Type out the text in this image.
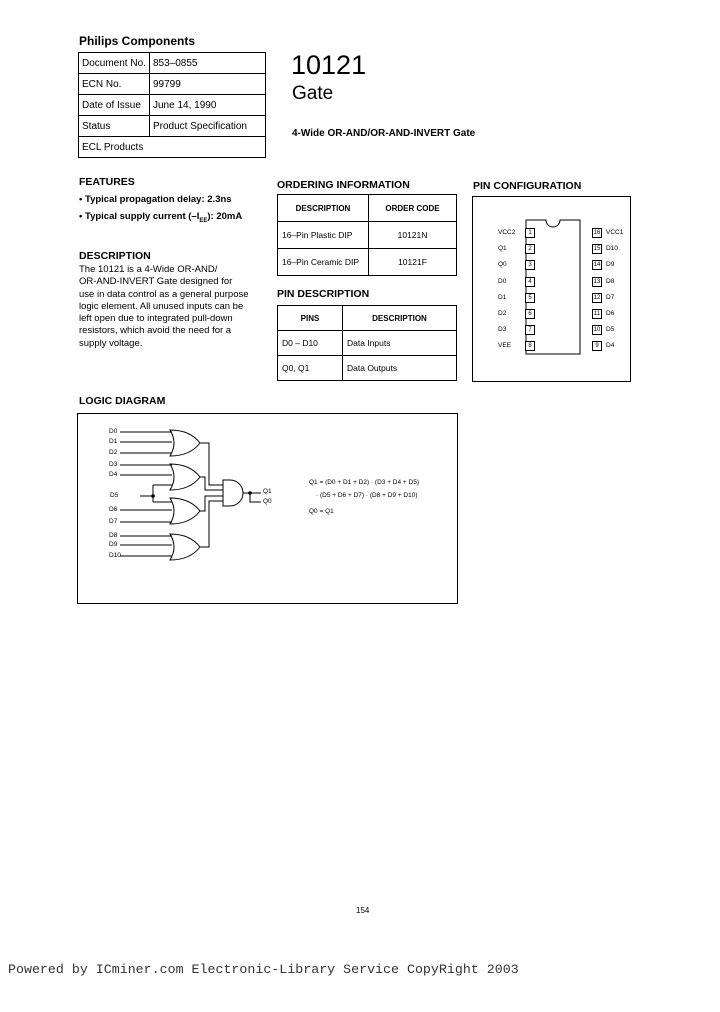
Philips Components
Document No.	853–0855
ECN No.	99799
Date of Issue	June 14, 1990
Status	Product Specification
ECL Products	
10121
Gate
4-Wide OR-AND/OR-AND-INVERT Gate
FEATURES
• Typical propagation delay: 2.3ns
• Typical supply current $(-I_{EE})$: 20mA
DESCRIPTION
The 10121 is a 4-Wide OR-AND/
OR-AND-INVERT Gate designed for
use in data control as a general purpose
logic element. All unused inputs can be
left open due to integrated pull-down
resistors, which avoid the need for a
supply voltage.
ORDERING INFORMATION
DESCRIPTION	ORDER CODE
16–Pin Plastic DIP	10121N
16–Pin Ceramic DIP	10121F
PIN DESCRIPTION
PINS	DESCRIPTION
D0 – D10	Data Inputs
Q0, Q1	Data Outputs
PIN CONFIGURATION
VCC2	1
Q1	2
Q0	3
D0	4
D1	5
D2	6
D3	7
VEE	8
16 VCC1
15 D10
14 D9
13 D8
12 D7
11 D6
10 D5
9	D4
LOGIC DIAGRAM
D0
D1
D2
D3
D4
D5
D6
D7
D8
D9
D10
Q1
Q0
Q1 = (D0 + D1 + D2) · (D3 + D4 + D5)
· (D5 + D6 + D7) · (D8 + D9 + D10)
Q0 = Q1
154
Powered by ICminer.com Electronic-Library Service CopyRight 2003
